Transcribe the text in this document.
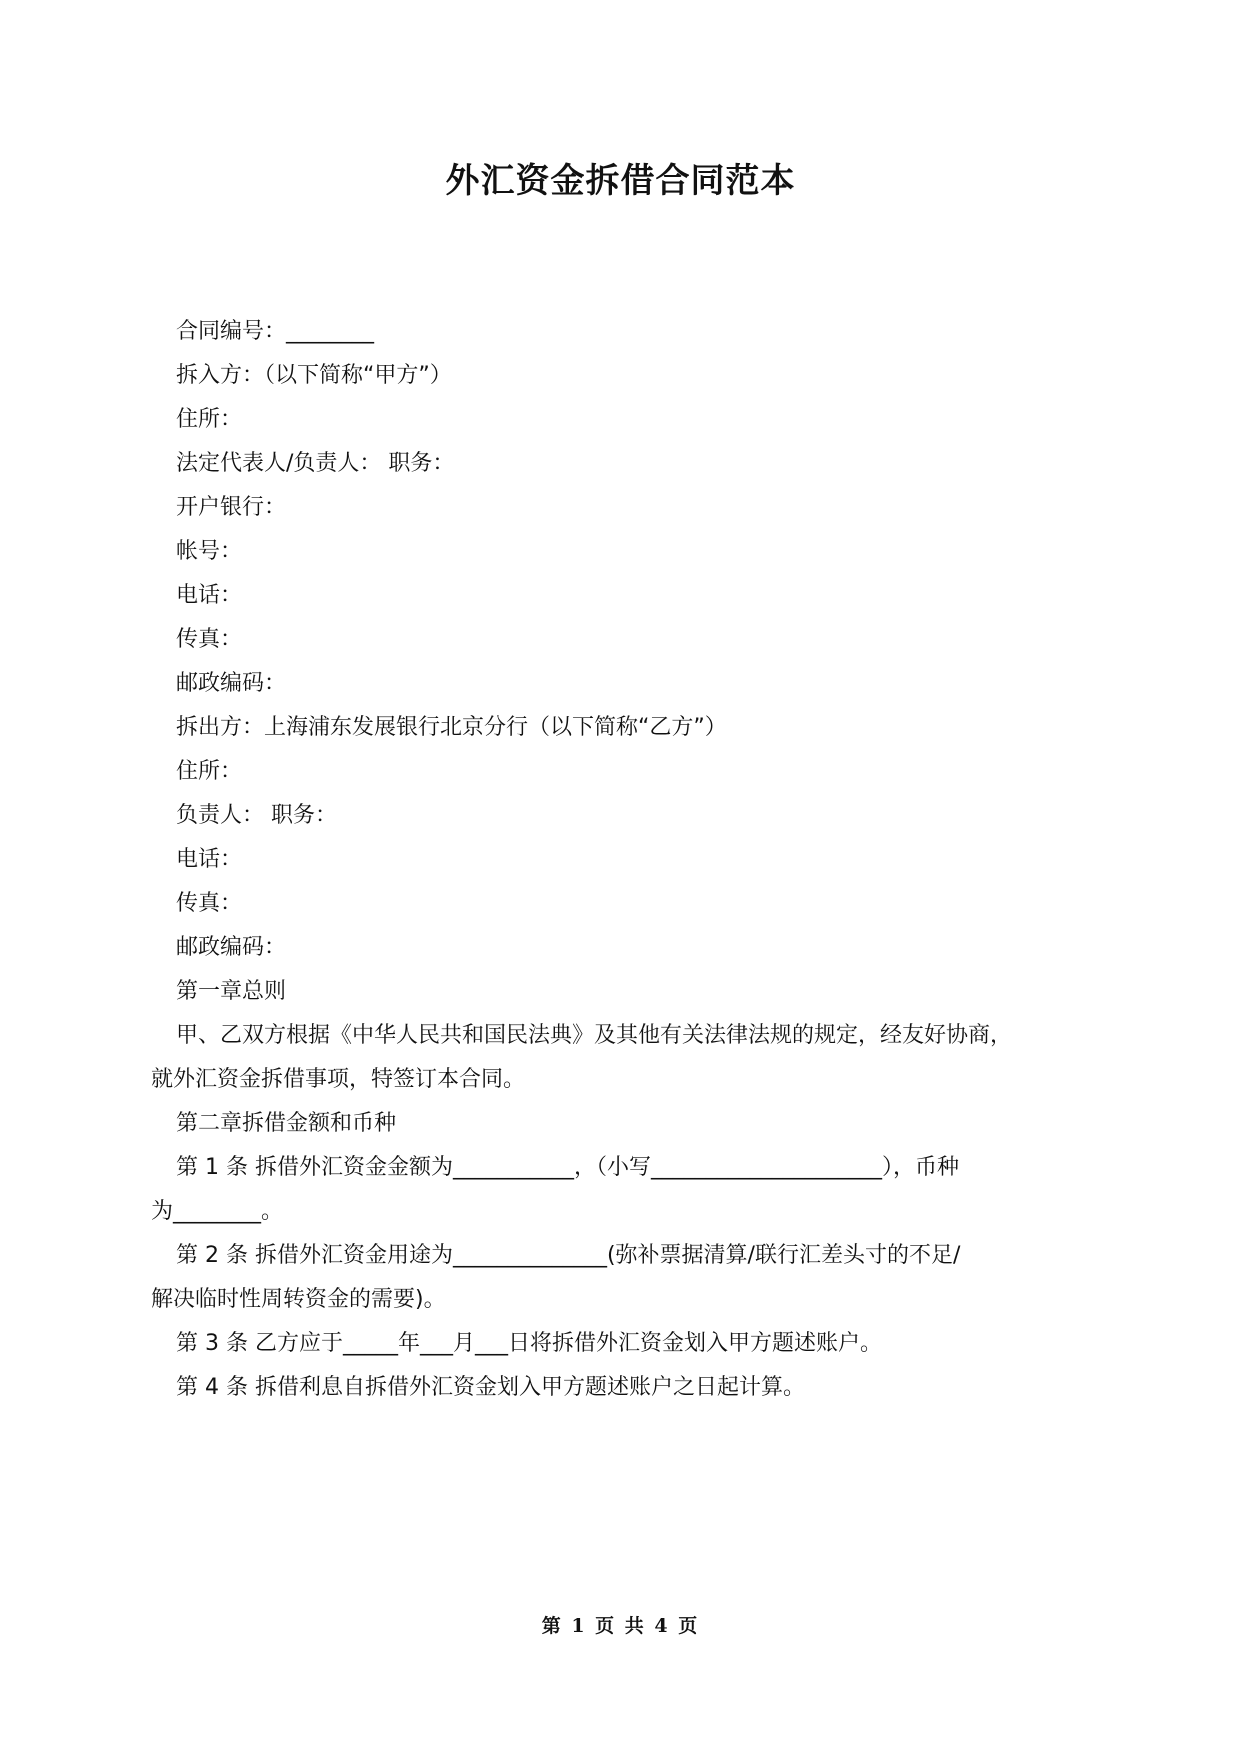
外汇资金拆借合同范本
合同编号：________
拆入方：（以下简称“甲方”）
住所：
法定代表人/负责人： 职务：
开户银行：
帐号：
电话：
传真：
邮政编码：
拆出方：上海浦东发展银行北京分行（以下简称“乙方”）
住所：
负责人： 职务：
电话：
传真：
邮政编码：
第一章总则
甲、乙双方根据《中华人民共和国民法典》及其他有关法律法规的规定，经友好协商，
就外汇资金拆借事项，特签订本合同。
第二章拆借金额和币种
第 1 条 拆借外汇资金金额为___________，（小写_____________________），币种
为________。
第 2 条 拆借外汇资金用途为______________(弥补票据清算/联行汇差头寸的不足/
解决临时性周转资金的需要)。
第 3 条 乙方应于_____年___月___日将拆借外汇资金划入甲方题述账户。
第 4 条 拆借利息自拆借外汇资金划入甲方题述账户之日起计算。
第 1 页 共 4 页
